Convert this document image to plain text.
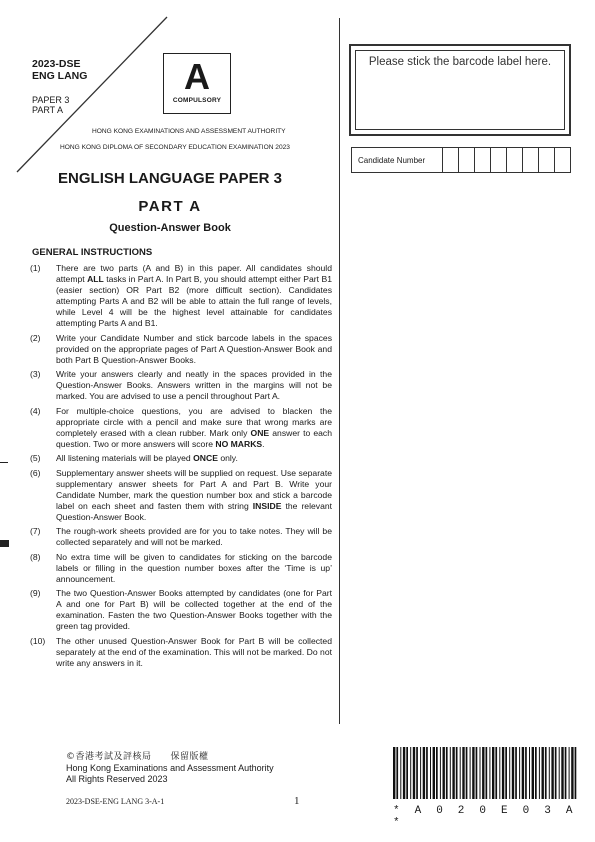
2023-DSE
ENG LANG
PAPER 3
PART A
A
COMPULSORY
HONG KONG EXAMINATIONS AND ASSESSMENT AUTHORITY
HONG KONG DIPLOMA OF SECONDARY EDUCATION EXAMINATION 2023
ENGLISH LANGUAGE PAPER 3
PART A
Question-Answer Book
GENERAL INSTRUCTIONS
(1)	There are two parts (A and B) in this paper. All candidates should attempt ALL tasks in Part A. In Part B, you should attempt either Part B1 (easier section) OR Part B2 (more difficult section). Candidates attempting Parts A and B2 will be able to attain the full range of levels, while Level 4 will be the highest level attainable for candidates attempting Parts A and B1.
(2)	Write your Candidate Number and stick barcode labels in the spaces provided on the appropriate pages of Part A Question-Answer Book and both Part B Question-Answer Books.
(3)	Write your answers clearly and neatly in the spaces provided in the Question-Answer Books. Answers written in the margins will not be marked. You are advised to use a pencil throughout Part A.
(4)	For multiple-choice questions, you are advised to blacken the appropriate circle with a pencil and make sure that wrong marks are completely erased with a clean rubber. Mark only ONE answer to each question. Two or more answers will score NO MARKS.
(5)	All listening materials will be played ONCE only.
(6)	Supplementary answer sheets will be supplied on request. Use separate supplementary answer sheets for Part A and Part B. Write your Candidate Number, mark the question number box and stick a barcode label on each sheet and fasten them with string INSIDE the relevant Question-Answer Book.
(7)	The rough-work sheets provided are for you to take notes. They will be collected separately and will not be marked.
(8)	No extra time will be given to candidates for sticking on the barcode labels or filling in the question number boxes after the ‘Time is up’ announcement.
(9)	The two Question-Answer Books attempted by candidates (one for Part A and one for Part B) will be collected together at the end of the examination. Fasten the two Question-Answer Books together with the green tag provided.
(10)	The other unused Question-Answer Book for Part B will be collected separately at the end of the examination. This will not be marked. Do not write any answers in it.
Please stick the barcode label here.
Candidate Number
©香港考試及評核局　　保留版權
Hong Kong Examinations and Assessment Authority
All Rights Reserved 2023
2023-DSE-ENG LANG 3-A-1	1
* A 0 2 0 E 0 3 A *
